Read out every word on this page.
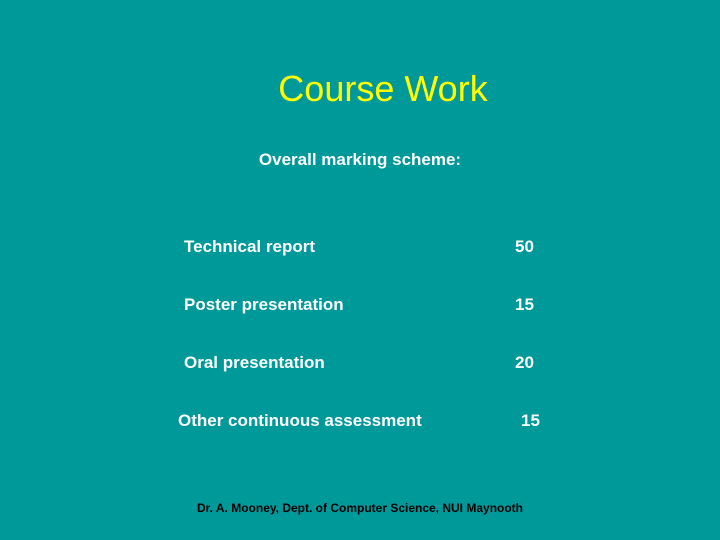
Course Work
Overall marking scheme:
Technical report	50
Poster presentation	15
Oral presentation	20
Other continuous assessment	15
Dr. A. Mooney, Dept. of Computer Science, NUI Maynooth
